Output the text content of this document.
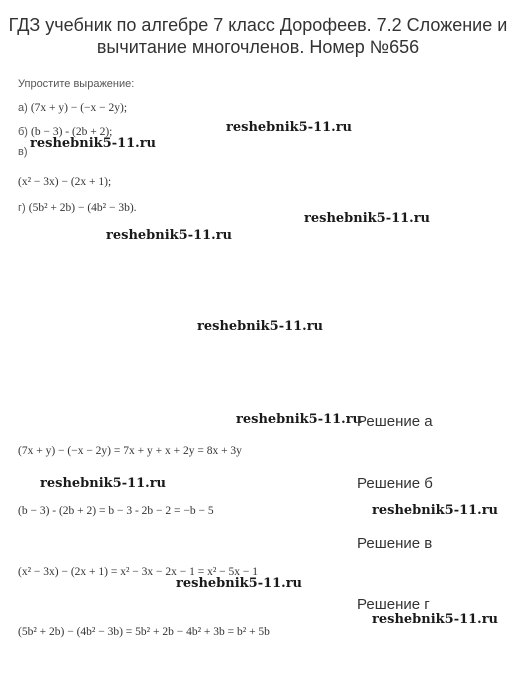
ГДЗ учебник по алгебре 7 класс Дорофеев. 7.2 Сложение и вычитание многочленов. Номер №656
Упростите выражение:
а) (7x + y) − (−x − 2y);
б) (b − 3) - (2b + 2);
в)
(x² − 3x) − (2x + 1);
г) (5b² + 2b) − (4b² − 3b).
reshebnik5-11.ru
reshebnik5-11.ru
reshebnik5-11.ru
reshebnik5-11.ru
reshebnik5-11.ru
reshebnik5-11.ru
reshebnik5-11.ru
reshebnik5-11.ru
reshebnik5-11.ru
reshebnik5-11.ru
Решение а
(7x + y) − (−x − 2y) = 7x + y + x + 2y = 8x + 3y
Решение б
(b − 3) - (2b + 2) = b − 3 - 2b − 2 = −b − 5
Решение в
(x² − 3x) − (2x + 1) = x² − 3x − 2x − 1 = x² − 5x − 1
Решение г
(5b² + 2b) − (4b² − 3b) = 5b² + 2b − 4b² + 3b = b² + 5b
